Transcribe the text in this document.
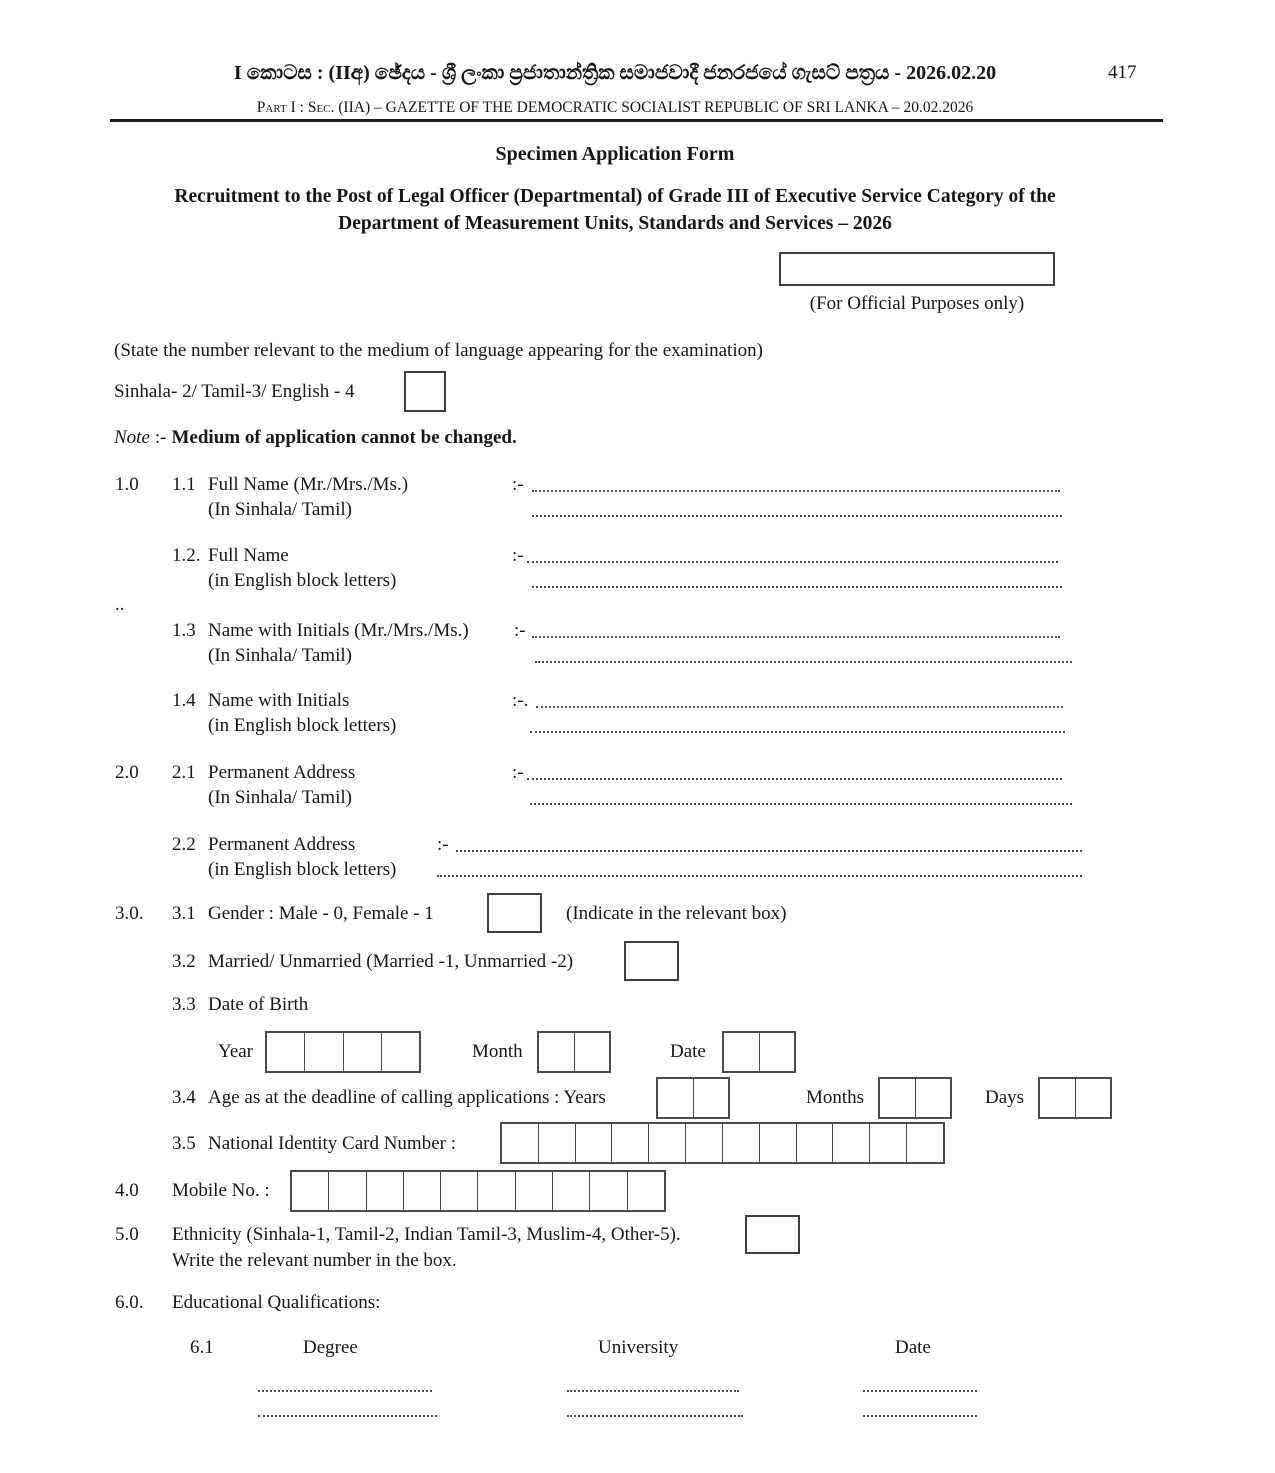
I කොටස : (IIඅ) ඡේදය - ශ්‍රී ලංකා ප්‍රජාතාන්ත්‍රික සමාජවාදී ජනරජයේ ගැසට් පත්‍රය - 2026.02.20
Part I : Sec. (IIA) – GAZETTE OF THE DEMOCRATIC SOCIALIST REPUBLIC OF SRI LANKA – 20.02.2026
417
Specimen Application Form
Recruitment to the Post of Legal Officer (Departmental) of Grade III of Executive Service Category of the
Department of Measurement Units, Standards and Services – 2026
(For Official Purposes only)
(State the number relevant to the medium of language appearing for the examination)
Sinhala- 2/ Tamil-3/ English - 4
Note :- Medium of application cannot be changed.
1.0 1.1 Full Name (Mr./Mrs./Ms.)	:-
(In Sinhala/ Tamil)
1.2. Full Name	:-
(in English block letters)
..
1.3 Name with Initials (Mr./Mrs./Ms.) :-
(In Sinhala/ Tamil)
1.4 Name with Initials	:-.
(in English block letters)
2.0 2.1 Permanent Address	:-
(In Sinhala/ Tamil)
2.2 Permanent Address	:-
(in English block letters)
3.0. 3.1 Gender : Male - 0, Female - 1	(Indicate in the relevant box)
3.2 Married/ Unmarried (Married -1, Unmarried -2)
3.3 Date of Birth
Year	Month	Date
3.4 Age as at the deadline of calling applications : Years	Months	Days
3.5 National Identity Card Number :
4.0 Mobile No. :
5.0 Ethnicity (Sinhala-1, Tamil-2, Indian Tamil-3, Muslim-4, Other-5).
Write the relevant number in the box.
6.0. Educational Qualifications:
6.1	Degree	University	Date
